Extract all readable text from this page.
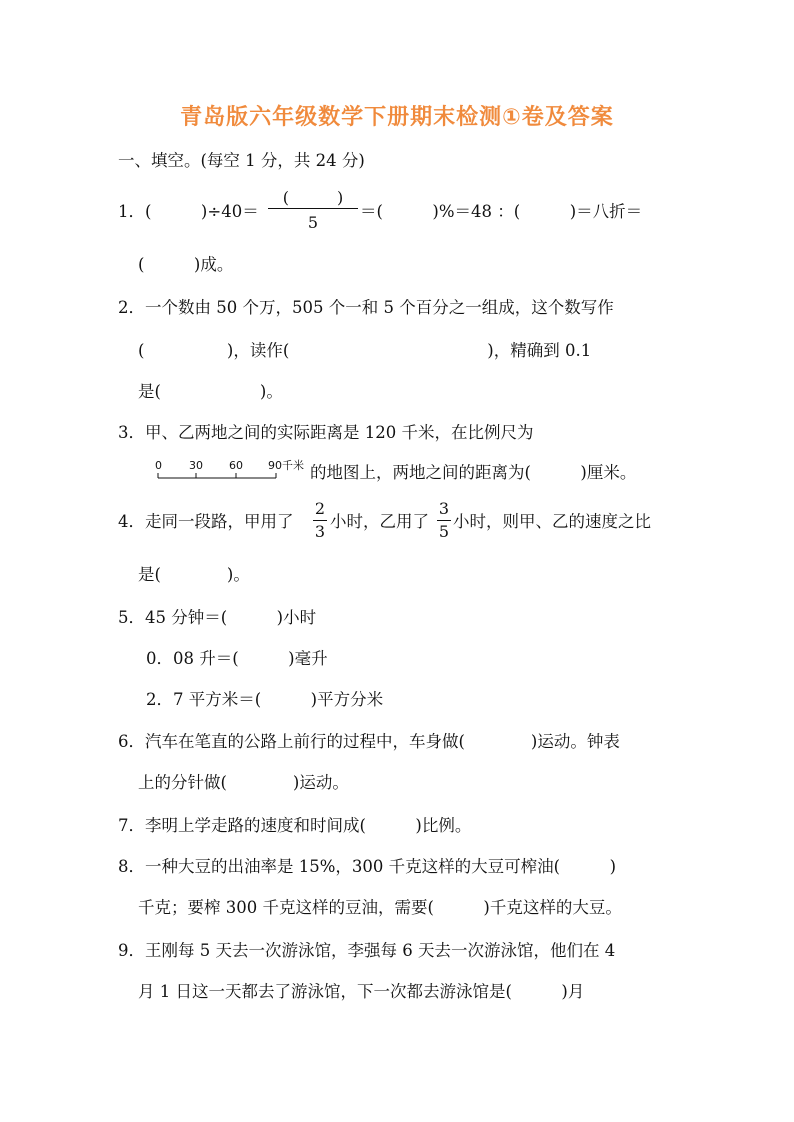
青岛版六年级数学下册期末检测①卷及答案
一、填空。(每空 1 分，共 24 分)
1．(　　　)÷40＝
(　　　)
5
＝(　　　)%＝48 ：(　　　)＝八折＝
(　　　)成。
2．一个数由 50 个万，505 个一和 5 个百分之一组成，这个数写作
(　　　　　)，读作(　　　　　　　　　　　　)，精确到 0.1
是(　　　　　　)。
3．甲、乙两地之间的实际距离是 120 千米，在比例尺为
0 30 60 90 千米 的地图上，两地之间的距离为(　　　)厘米。
4．走同一段路，甲用了
2
3
小时，乙用了
3
5
小时，则甲、乙的速度之比
是(　　　　)。
5．45 分钟＝(　　　)小时
0．08 升＝(　　　)毫升
2．7 平方米＝(　　　)平方分米
6．汽车在笔直的公路上前行的过程中，车身做(　　　　)运动。钟表
上的分针做(　　　　)运动。
7．李明上学走路的速度和时间成(　　　)比例。
8．一种大豆的出油率是 15%，300 千克这样的大豆可榨油(　　　)
千克；要榨 300 千克这样的豆油，需要(　　　)千克这样的大豆。
9．王刚每 5 天去一次游泳馆，李强每 6 天去一次游泳馆，他们在 4
月 1 日这一天都去了游泳馆，下一次都去游泳馆是(　　　)月
